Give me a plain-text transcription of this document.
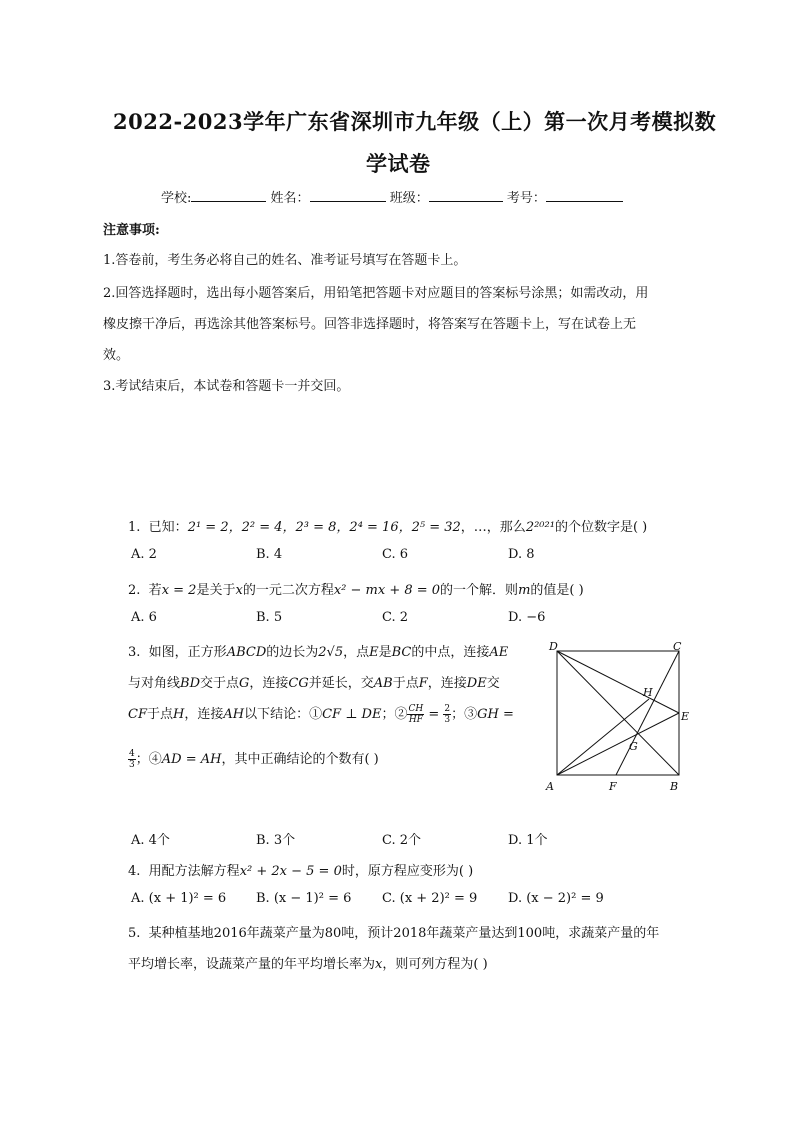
2022-2023学年广东省深圳市九年级（上）第一次月考模拟数
学试卷
学校:	姓名：	班级：	考号：
注意事项:
1.答卷前，考生务必将自己的姓名、准考证号填写在答题卡上。
2.回答选择题时，选出每小题答案后，用铅笔把答题卡对应题目的答案标号涂黑；如需改动，用
橡皮擦干净后，再选涂其他答案标号。回答非选择题时，将答案写在答题卡上，写在试卷上无
效。
3.考试结束后，本试卷和答题卡一并交回。
1. 已知：2¹ = 2，2² = 4，2³ = 8，2⁴ = 16，2⁵ = 32，…，那么2²⁰²¹的个位数字是( )
A. 2	B. 4	C. 6	D. 8
2. 若x = 2是关于x的一元二次方程x² − mx + 8 = 0的一个解．则m的值是( )
A. 6	B. 5	C. 2	D. −6
3. 如图，正方形ABCD的边长为2√5，点E是BC的中点，连接AE
与对角线BD交于点G，连接CG并延长，交AB于点F，连接DE交
CF于点H，连接AH以下结论：①CF ⊥ DE；② $\frac{CH}{HF} = \frac{2}{3}$ ；③GH =
$\frac{4}{3}$ ；④AD = AH，其中正确结论的个数有( )
D	C
H
E
G
A	F	B
A. 4个	B. 3个	C. 2个	D. 1个
4. 用配方法解方程x² + 2x − 5 = 0时，原方程应变形为( )
A. (x + 1)² = 6 B. (x − 1)² = 6 C. (x + 2)² = 9 D. (x − 2)² = 9
5. 某种植基地2016年蔬菜产量为80吨，预计2018年蔬菜产量达到100吨，求蔬菜产量的年
平均增长率，设蔬菜产量的年平均增长率为x，则可列方程为( )
